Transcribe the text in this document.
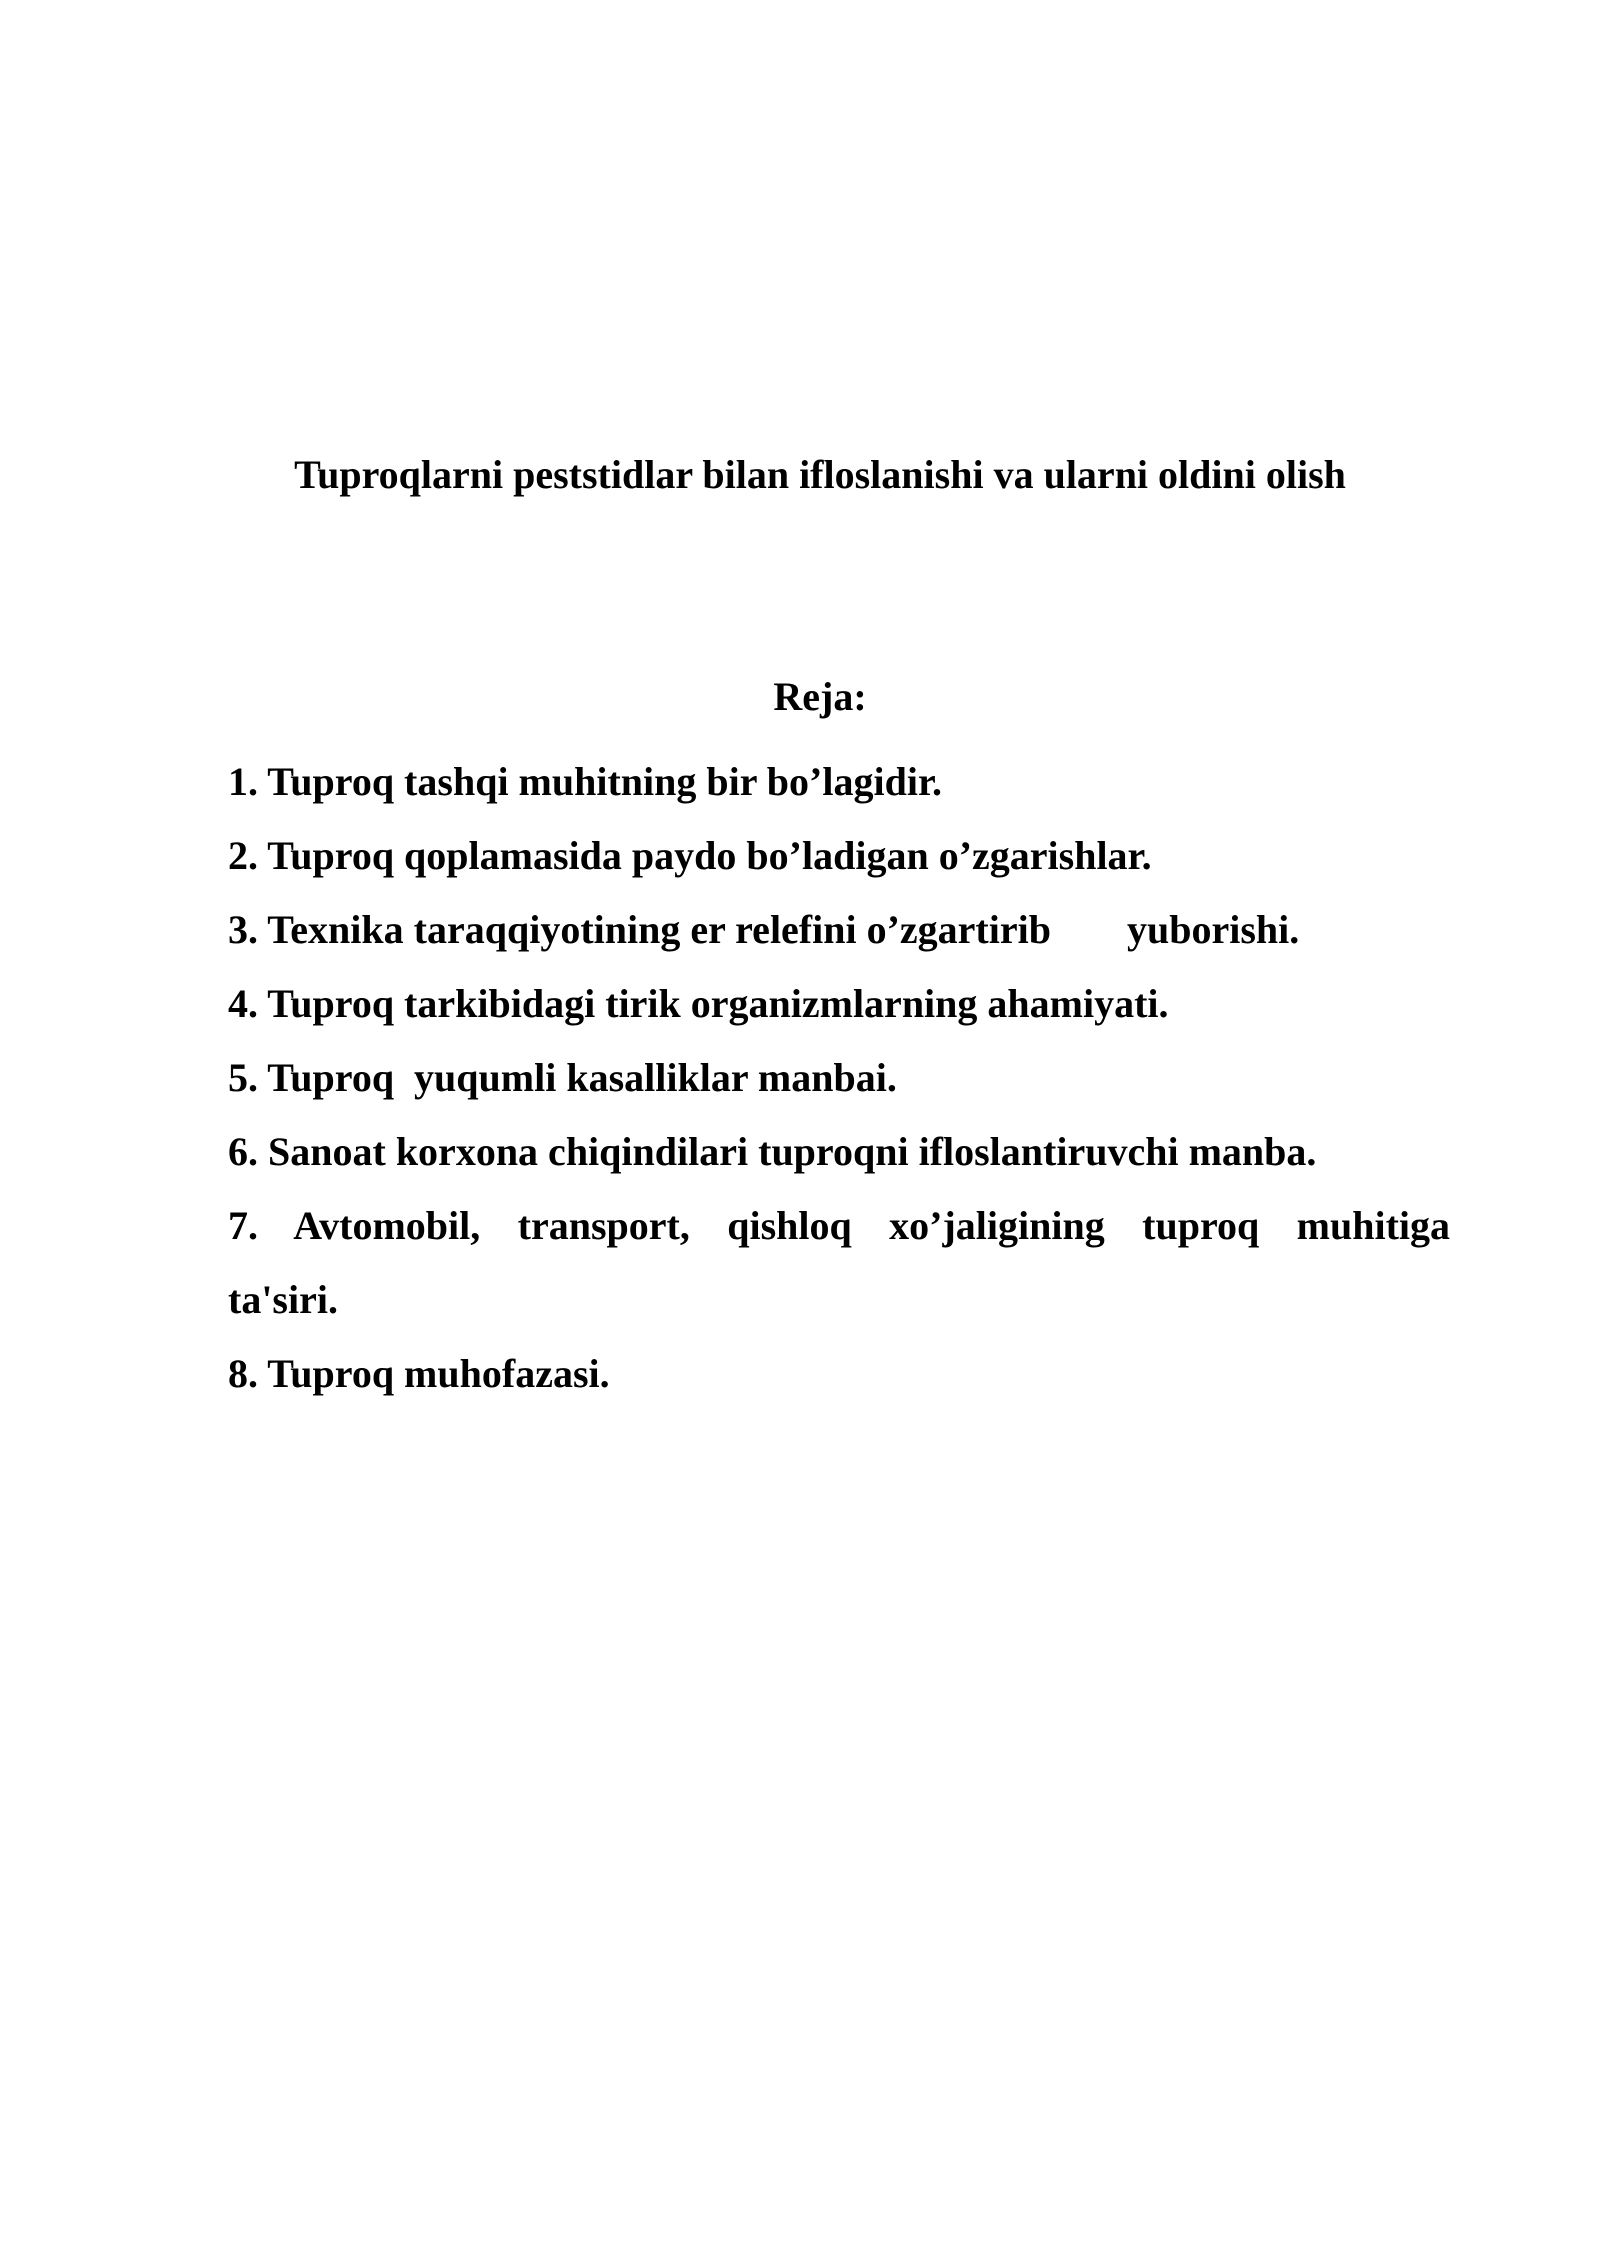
Tuproqlarni peststidlar bilan ifloslanishi va ularni oldini olish
Reja:
1. Tuproq tashqi muhitning bir bo’lagidir.
2. Tuproq qoplamasida paydo bo’ladigan o’zgarishlar.
3. Texnika taraqqiyotining er relefini o’zgartirib yuborishi.
4. Tuproq tarkibidagi tirik organizmlarning ahamiyati.
5. Tuproq  yuqumli kasalliklar manbai.
6. Sanoat korxona chiqindilari tuproqni ifloslantiruvchi manba.
7. Avtomobil, transport, qishloq xo’jaligining tuproq muhitiga ta'siri.
8. Tuproq muhofazasi.
